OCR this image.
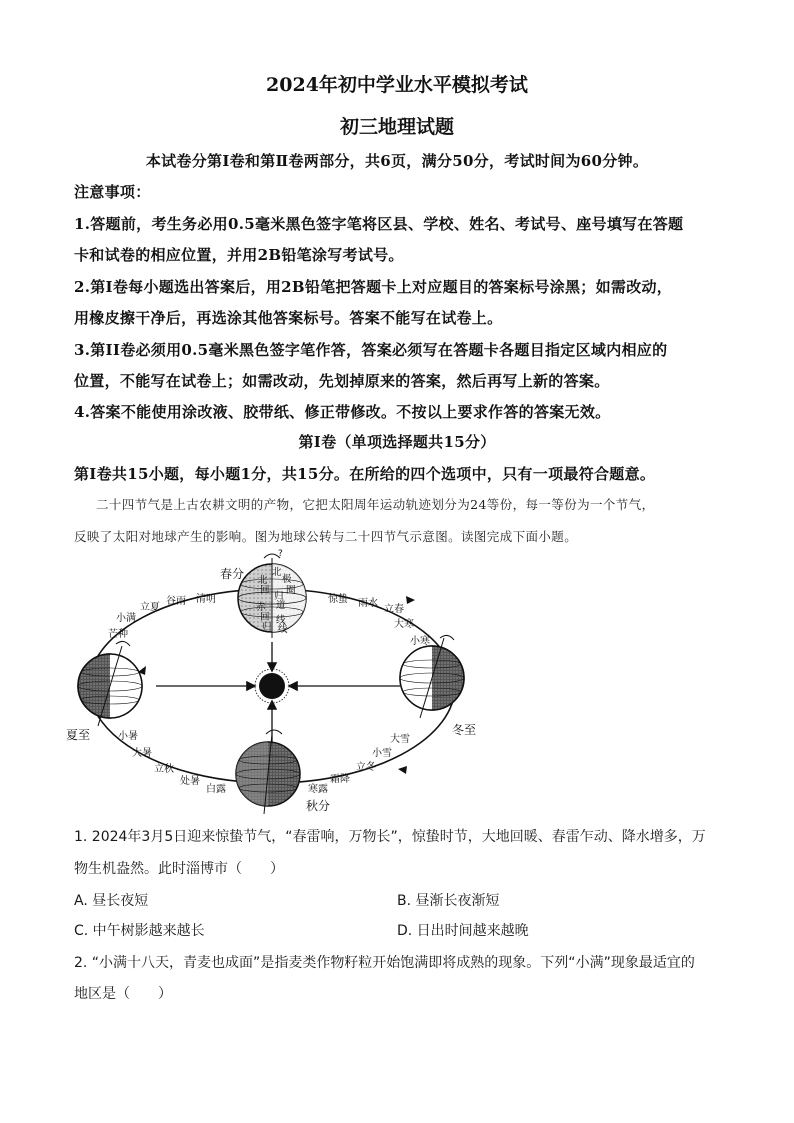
2024年初中学业水平模拟考试
初三地理试题
本试卷分第Ⅰ卷和第Ⅱ卷两部分，共6页，满分50分，考试时间为60分钟。
注意事项：
1.答题前，考生务必用0.5毫米黑色签字笔将区县、学校、姓名、考试号、座号填写在答题
卡和试卷的相应位置，并用2B铅笔涂写考试号。
2.第Ⅰ卷每小题选出答案后，用2B铅笔把答题卡上对应题目的答案标号涂黑；如需改动，
用橡皮擦干净后，再选涂其他答案标号。答案不能写在试卷上。
3.第II卷必须用0.5毫米黑色签字笔作答，答案必须写在答题卡各题目指定区域内相应的
位置，不能写在试卷上；如需改动，先划掉原来的答案，然后再写上新的答案。
4.答案不能使用涂改液、胶带纸、修正带修改。不按以上要求作答的答案无效。
第Ⅰ卷（单项选择题共15分）
第Ⅰ卷共15小题，每小题1分，共15分。在所给的四个选项中，只有一项最符合题意。
二十四节气是上古农耕文明的产物，它把太阳周年运动轨迹划分为24等份，每一等份为一个节气，
反映了太阳对地球产生的影响。图为地球公转与二十四节气示意图。读图完成下面小题。
?
北
北 极
回 圈
归
赤 道
线
回
归 线
春分
夏至
秋分
冬至
小满
立夏
谷雨 清明
芒种
惊蛰 雨水
立春
大寒
小寒
小暑
大暑
立秋
处暑
白露
大雪
小雪
立冬
霜降
寒露
1. 2024年3月5日迎来惊蛰节气，“春雷响，万物长”，惊蛰时节，大地回暖、春雷乍动、降水增多，万
物生机盎然。此时淄博市（　　）
A. 昼长夜短	B. 昼渐长夜渐短
C. 中午树影越来越长	D. 日出时间越来越晚
2. “小满十八天，青麦也成面”是指麦类作物籽粒开始饱满即将成熟的现象。下列“小满”现象最适宜的
地区是（　　）
